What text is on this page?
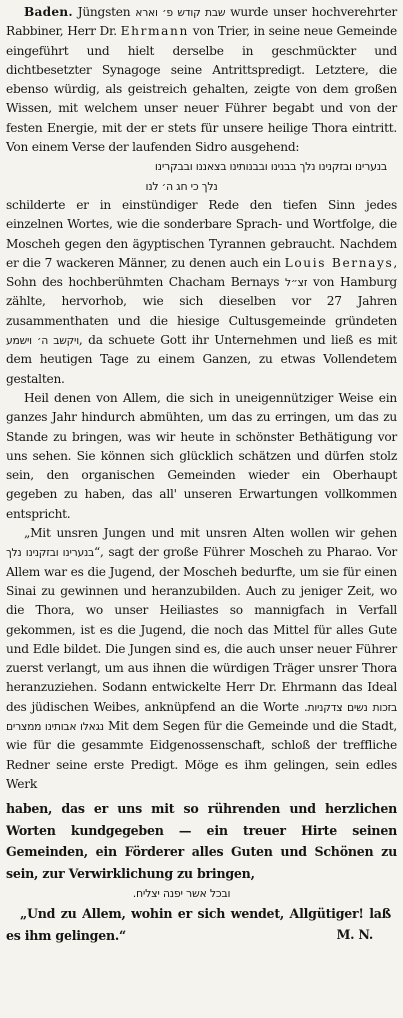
Baden. Jüngsten שבת קודש פ׳ וארא wurde unser hochverehrter Rabbiner, Herr Dr. Ehrmann von Trier, in seine neue Gemeinde eingeführt und hielt derselbe in geschmückter und dichtbesetzter Synagoge seine Antrittspredigt. Letztere, die ebenso würdig, als geistreich gehalten, zeigte von dem großen Wissen, mit welchem unser neuer Führer begabt und von der festen Energie, mit der er stets für unsere heilige Thora eintritt. Von einem Verse der laufenden Sidro ausgehend:

בנערינו ובזקנינו נלך בבנינו ובבנותינו בצאננו ובבקרינו

נלך כי חג ה׳ לנו

schilderte er in einstündiger Rede den tiefen Sinn jedes einzelnen Wortes, wie die sonderbare Sprach- und Wortfolge, die Moscheh gegen den ägyptischen Tyrannen gebraucht. Nachdem er die 7 wackeren Männer, zu denen auch ein Louis Bernays, Sohn des hochberühmten Chacham Bernays זצ״ל von Hamburg zählte, hervorhob, wie sich dieselben vor 27 Jahren zusammenthaten und die hiesige Cultusgemeinde gründeten ויקשב ה׳ וישמע, da schuete Gott ihr Unternehmen und ließ es mit dem heutigen Tage zu einem Ganzen, zu etwas Vollendetem gestalten.

Heil denen von Allem, die sich in uneigennütziger Weise ein ganzes Jahr hindurch abmühten, um das zu erringen, um das zu Stande zu bringen, was wir heute in schönster Bethätigung vor uns sehen. Sie können sich glücklich schätzen und dürfen stolz sein, den organischen Gemeinden wieder ein Oberhaupt gegeben zu haben, das all' unseren Erwartungen vollkommen entspricht.

„Mit unsren Jungen und mit unsren Alten wollen wir gehen בנערינו ובזקנינו נלך“, sagt der große Führer Moscheh zu Pharao. Vor Allem war es die Jugend, der Moscheh bedurfte, um sie für einen Sinai zu gewinnen und heranzubilden. Auch zu jeniger Zeit, wo die Thora, wo unser Heiliastes so mannigfach in Verfall gekommen, ist es die Jugend, die noch das Mittel für alles Gute und Edle bildet. Die Jungen sind es, die auch unser neuer Führer zuerst verlangt, um aus ihnen die würdigen Träger unsrer Thora heranzuziehen. Sodann entwickelte Herr Dr. Ehrmann das Ideal des jüdischen Weibes, anknüpfend an die Worte	בזכות נשים צדקניות. נגאלו אבותינו ממצרים Mit dem Segen für die Gemeinde und die Stadt, wie für die gesammte Eidgenossenschaft, schloß der treffliche Redner seine erste Predigt. Möge es ihm gelingen, sein edles Werk

haben, das er uns mit so rührenden und herzlichen Worten kundgegeben — ein treuer Hirte seinen Gemeinden, ein Förderer alles Guten und Schönen zu sein, zur Verwirklichung zu bringen,

ובכל אשר יפנה יצליח.

„Und zu Allem, wohin er sich wendet, Allgütiger! laß es ihm gelingen.“	M. N.
